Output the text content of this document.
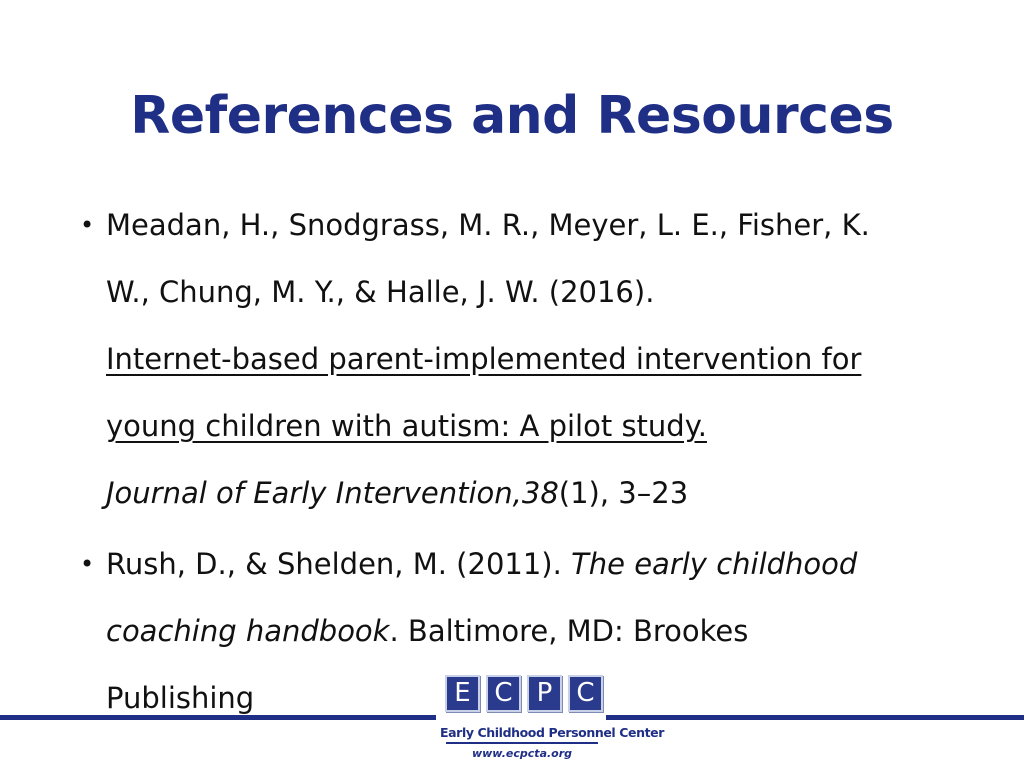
References and Resources
• Meadan, H., Snodgrass, M. R., Meyer, L. E., Fisher, K.
W., Chung, M. Y., & Halle, J. W. (2016).
Internet-based parent-implemented intervention for
young children with autism: A pilot study.
Journal of Early Intervention,38(1), 3–23
• Rush, D., & Shelden, M. (2011). The early childhood
coaching handbook. Baltimore, MD: Brookes
Publishing	E C P C
Early Childhood Personnel Center
www.ecpcta.org
